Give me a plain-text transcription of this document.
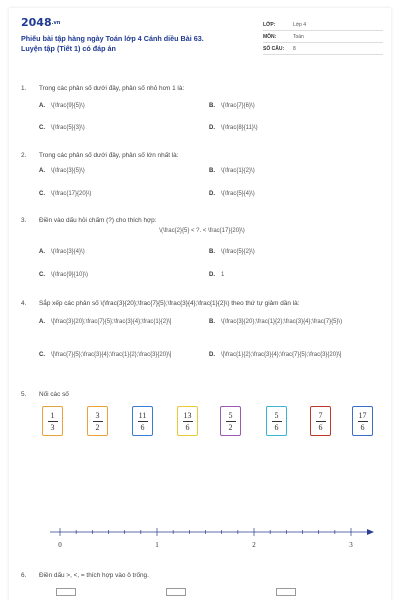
2048.vn
Phiếu bài tập hàng ngày Toán lớp 4 Cánh diều Bài 63. Luyện tập (Tiết 1) có đáp án
LỚP:	Lớp 4
MÔN:	Toán
SỐ CÂU:	8
1. Trong các phân số dưới đây, phân số nhỏ hơn 1 là:
A. \(\frac{9}{5}\)	B. \(\frac{7}{6}\)
C. \(\frac{5}{3}\)	D. \(\frac{8}{11}\)
2. Trong các phân số dưới đây, phân số lớn nhất là:
A. \(\frac{3}{5}\)	B. \(\frac{1}{2}\)
C. \(\frac{17}{20}\)	D. \(\frac{5}{4}\)
3. Điền vào dấu hỏi chấm (?) cho thích hợp:
\(\frac{2}{5} < ?. < \frac{17}{20}\)
A. \(\frac{3}{4}\)	B. \(\frac{5}{2}\)
C. \(\frac{9}{10}\)	D. 1
4. Sắp xếp các phân số \(\frac{3}{20};\frac{7}{5};\frac{3}{4};\frac{1}{2}\) theo thứ tự giảm dần là:
A. \[\frac{3}{20};\frac{7}{5};\frac{3}{4};\frac{1}{2}\]	B. \(\frac{3}{20};\frac{1}{2};\frac{3}{4};\frac{7}{5}\)
C. \[\frac{7}{5};\frac{3}{4};\frac{1}{2};\frac{3}{20}\]	D. \[\frac{1}{2};\frac{3}{4};\frac{7}{5};\frac{3}{20}\]
5. Nối các số
1
3
3
2
11
6
13
6
5
2
5
6
7
6
17
6
0	1	2	3
6. Điền dấu >, <, = thích hợp vào ô trống.
